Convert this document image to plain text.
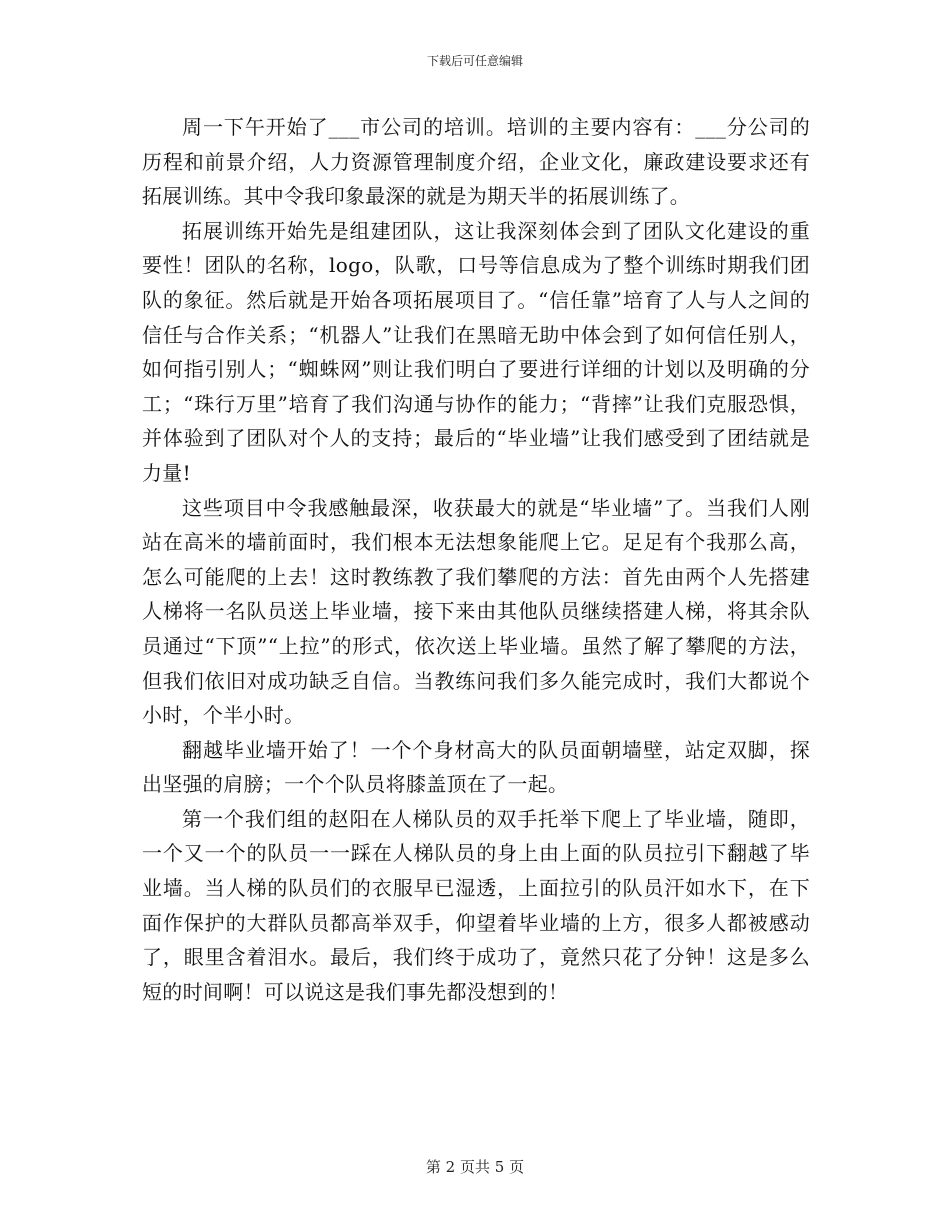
下载后可任意编辑

周一下午开始了___市公司的培训。培训的主要内容有：___分公司的历程和前景介绍，人力资源管理制度介绍，企业文化，廉政建设要求还有拓展训练。其中令我印象最深的就是为期天半的拓展训练了。

拓展训练开始先是组建团队，这让我深刻体会到了团队文化建设的重要性！团队的名称，logo，队歌，口号等信息成为了整个训练时期我们团队的象征。然后就是开始各项拓展项目了。“信任靠”培育了人与人之间的信任与合作关系；“机器人”让我们在黑暗无助中体会到了如何信任别人，如何指引别人；“蜘蛛网”则让我们明白了要进行详细的计划以及明确的分工；“珠行万里”培育了我们沟通与协作的能力；“背摔”让我们克服恐惧，并体验到了团队对个人的支持；最后的“毕业墙”让我们感受到了团结就是力量!

这些项目中令我感触最深，收获最大的就是“毕业墙”了。当我们人刚站在高米的墙前面时，我们根本无法想象能爬上它。足足有个我那么高，怎么可能爬的上去！这时教练教了我们攀爬的方法：首先由两个人先搭建人梯将一名队员送上毕业墙，接下来由其他队员继续搭建人梯，将其余队员通过“下顶”“上拉”的形式，依次送上毕业墙。虽然了解了攀爬的方法，但我们依旧对成功缺乏自信。当教练问我们多久能完成时，我们大都说个小时，个半小时。

翻越毕业墙开始了！一个个身材高大的队员面朝墙壁，站定双脚，探出坚强的肩膀；一个个队员将膝盖顶在了一起。

第一个我们组的赵阳在人梯队员的双手托举下爬上了毕业墙，随即，一个又一个的队员一一踩在人梯队员的身上由上面的队员拉引下翻越了毕业墙。当人梯的队员们的衣服早已湿透，上面拉引的队员汗如水下，在下面作保护的大群队员都高举双手，仰望着毕业墙的上方，很多人都被感动了，眼里含着泪水。最后，我们终于成功了，竟然只花了分钟！这是多么短的时间啊！可以说这是我们事先都没想到的！

第 2 页共 5 页
